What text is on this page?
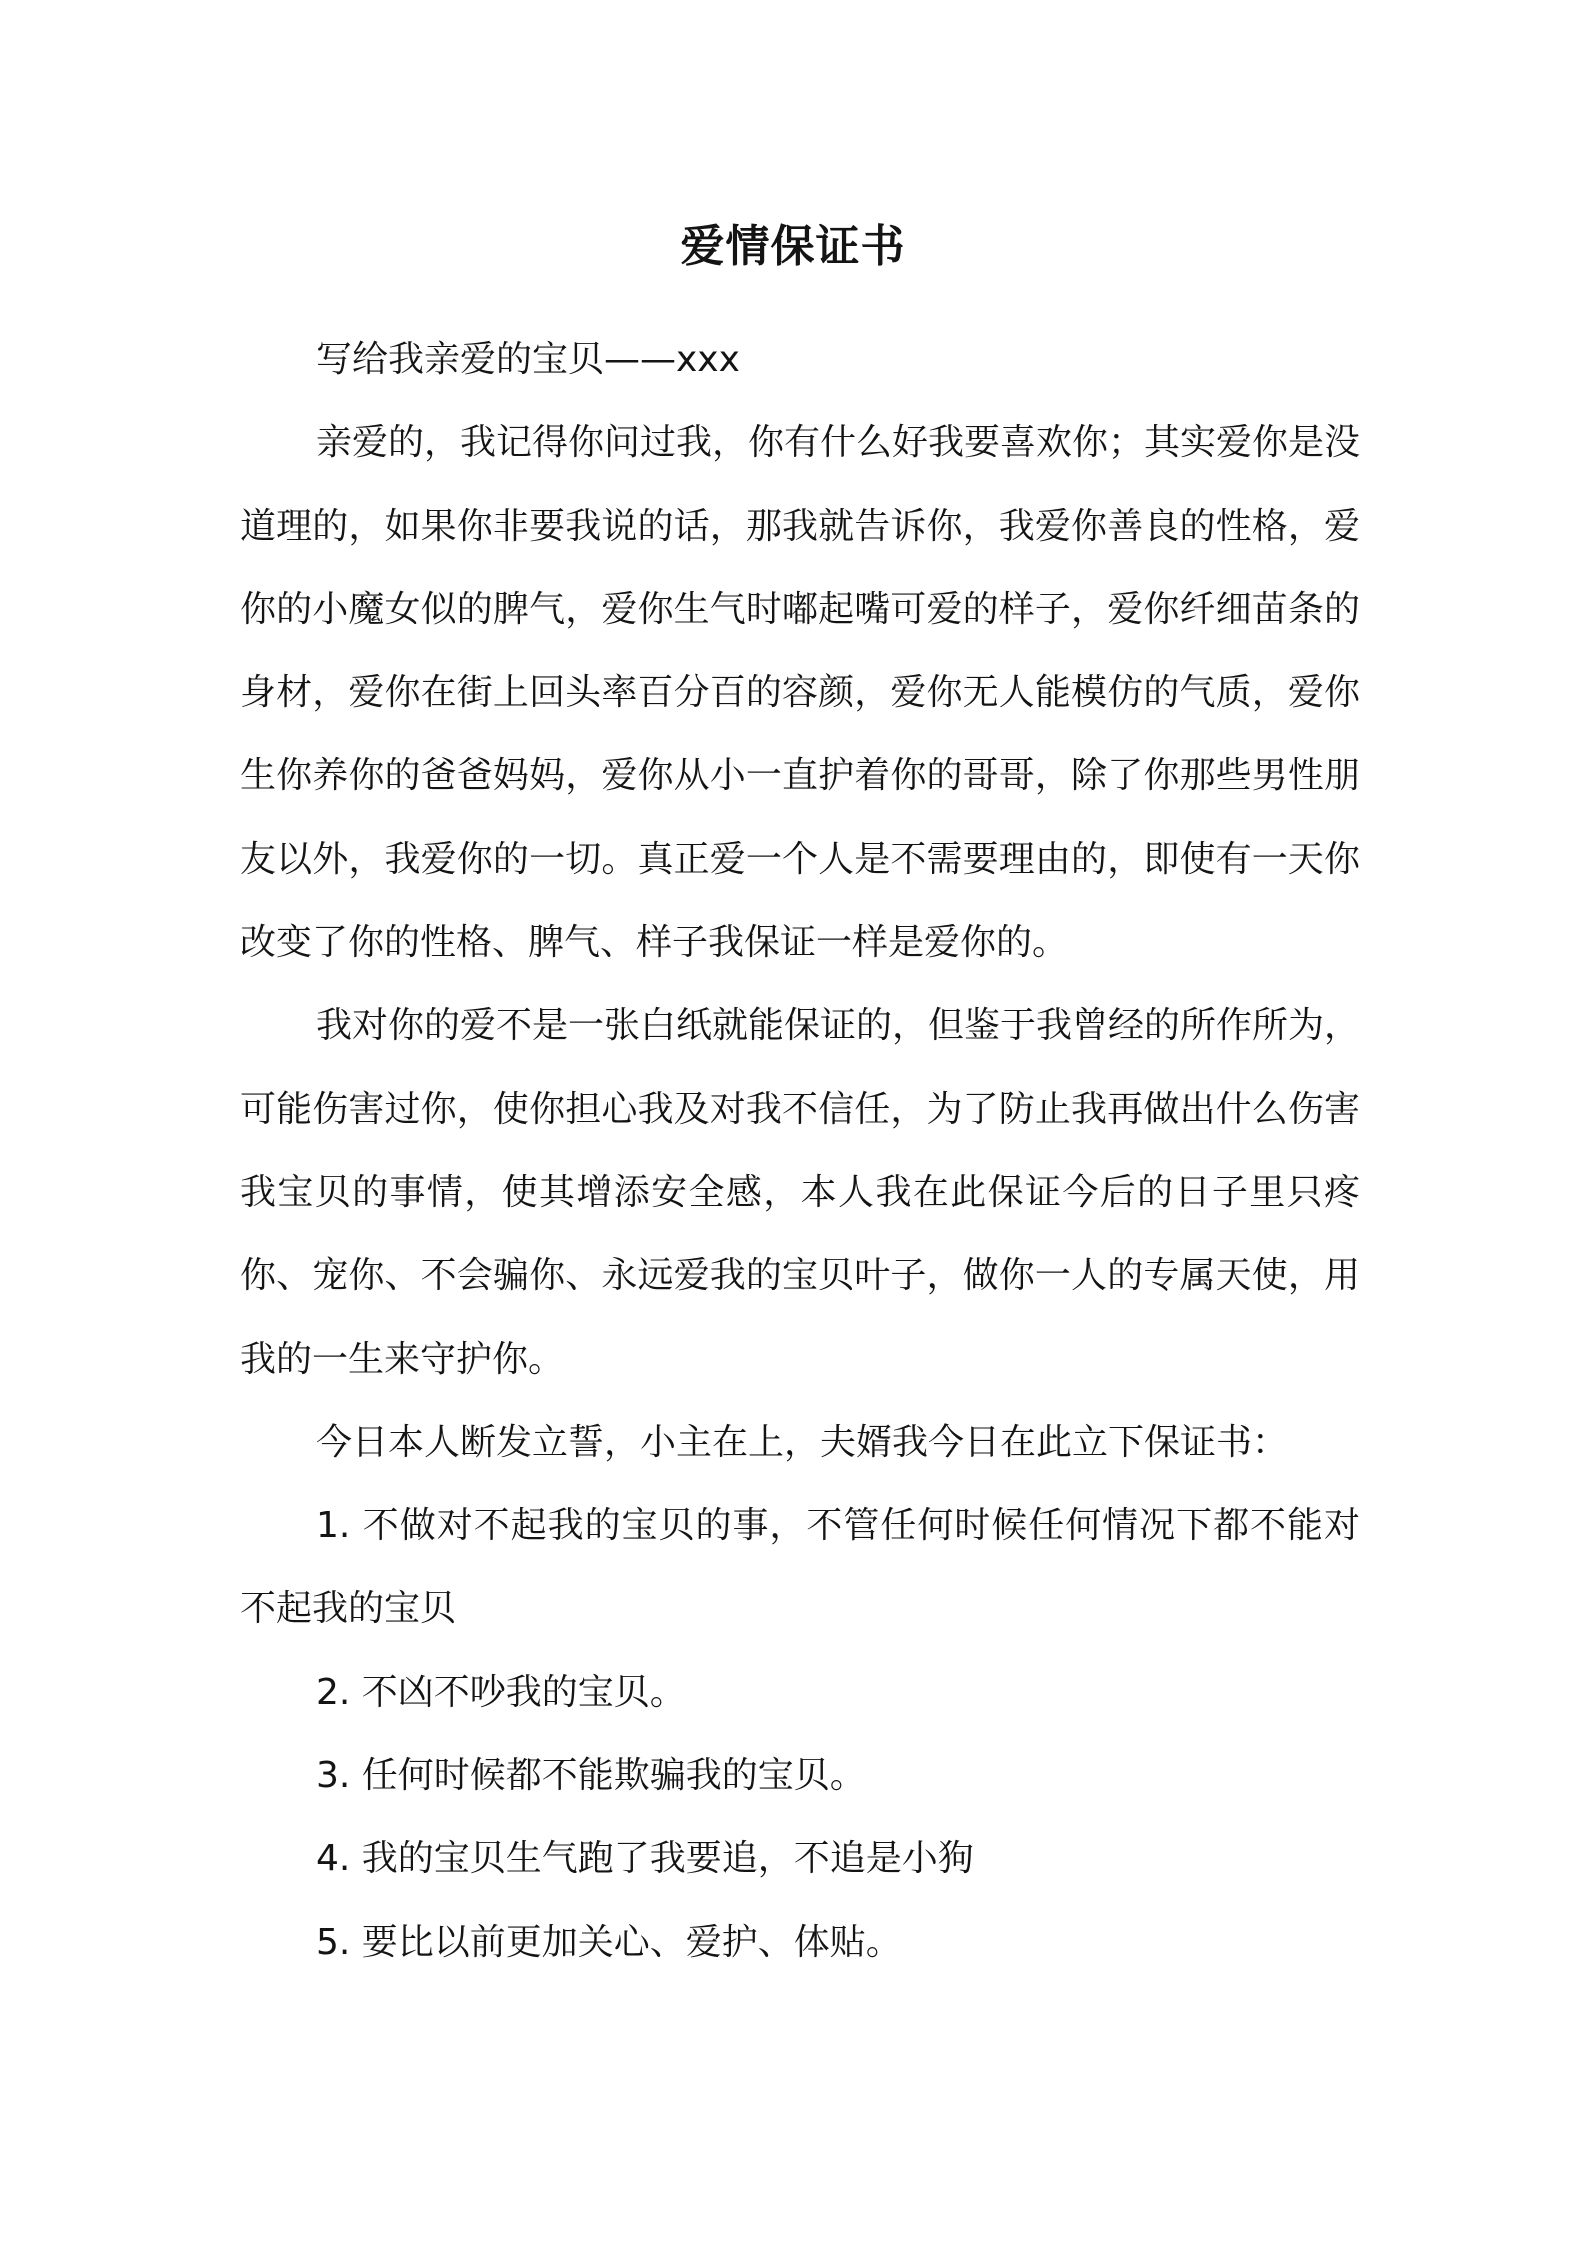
爱情保证书

写给我亲爱的宝贝——xxx

亲爱的，我记得你问过我，你有什么好我要喜欢你；其实爱你是没道理的，如果你非要我说的话，那我就告诉你，我爱你善良的性格，爱你的小魔女似的脾气，爱你生气时嘟起嘴可爱的样子，爱你纤细苗条的身材，爱你在街上回头率百分百的容颜，爱你无人能模仿的气质，爱你生你养你的爸爸妈妈，爱你从小一直护着你的哥哥，除了你那些男性朋友以外，我爱你的一切。真正爱一个人是不需要理由的，即使有一天你改变了你的性格、脾气、样子我保证一样是爱你的。

我对你的爱不是一张白纸就能保证的，但鉴于我曾经的所作所为，可能伤害过你，使你担心我及对我不信任，为了防止我再做出什么伤害我宝贝的事情，使其增添安全感，本人我在此保证今后的日子里只疼你、宠你、不会骗你、永远爱我的宝贝叶子，做你一人的专属天使，用我的一生来守护你。

今日本人断发立誓，小主在上，夫婿我今日在此立下保证书：

1. 不做对不起我的宝贝的事，不管任何时候任何情况下都不能对不起我的宝贝

2. 不凶不吵我的宝贝。

3. 任何时候都不能欺骗我的宝贝。

4. 我的宝贝生气跑了我要追，不追是小狗

5. 要比以前更加关心、爱护、体贴。
